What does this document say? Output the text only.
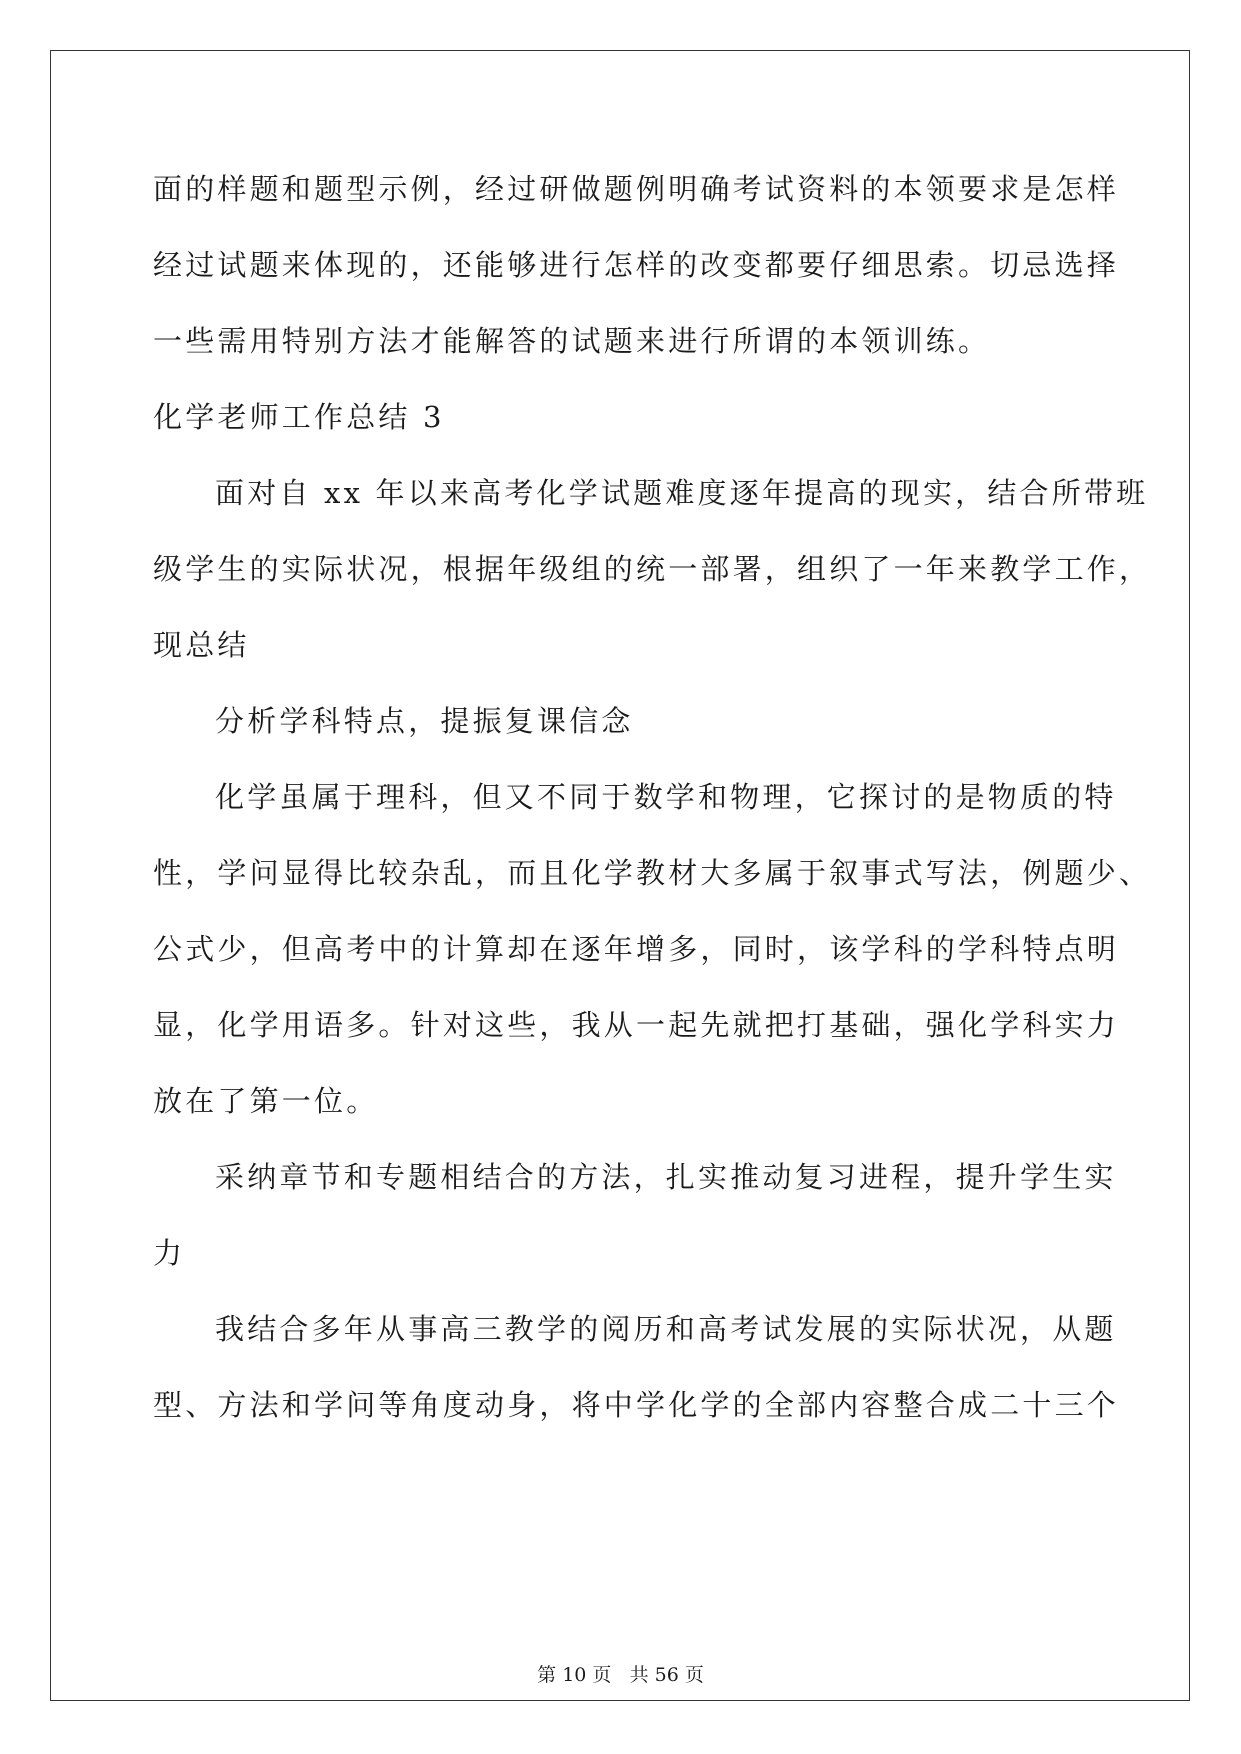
面的样题和题型示例，经过研做题例明确考试资料的本领要求是怎样

经过试题来体现的，还能够进行怎样的改变都要仔细思索。切忌选择

一些需用特别方法才能解答的试题来进行所谓的本领训练。

化学老师工作总结 3

面对自 xx 年以来高考化学试题难度逐年提高的现实，结合所带班

级学生的实际状况，根据年级组的统一部署，组织了一年来教学工作，

现总结

分析学科特点，提振复课信念

化学虽属于理科，但又不同于数学和物理，它探讨的是物质的特

性，学问显得比较杂乱，而且化学教材大多属于叙事式写法，例题少、

公式少，但高考中的计算却在逐年增多，同时，该学科的学科特点明

显，化学用语多。针对这些，我从一起先就把打基础，强化学科实力

放在了第一位。

采纳章节和专题相结合的方法，扎实推动复习进程，提升学生实

力

我结合多年从事高三教学的阅历和高考试发展的实际状况，从题

型、方法和学问等角度动身，将中学化学的全部内容整合成二十三个

第 10 页 共 56 页
